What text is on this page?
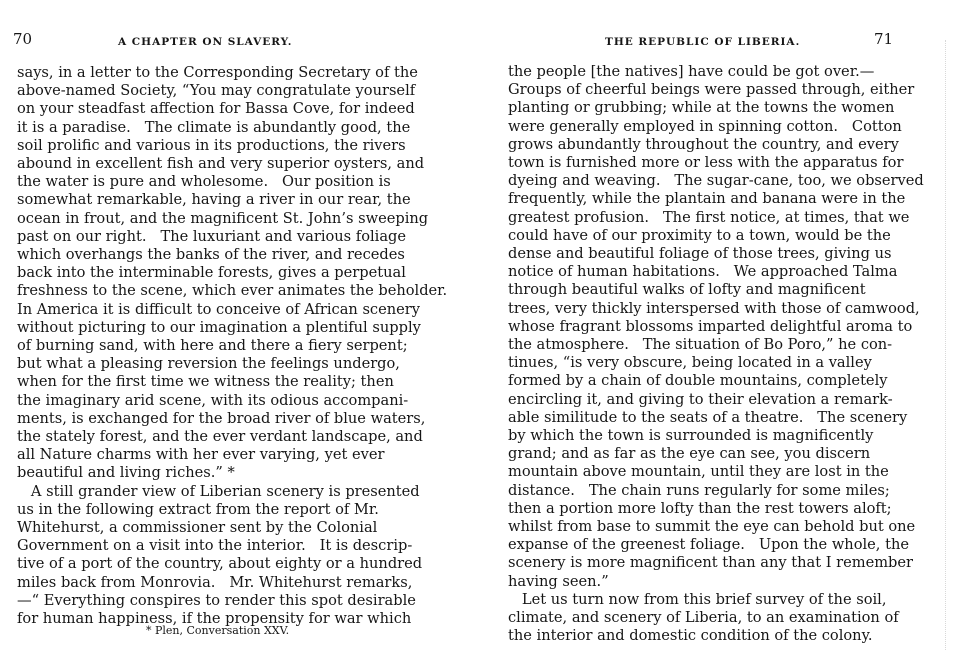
70	A CHAPTER ON SLAVERY.
says, in a letter to the Corresponding Secretary of the
above-named Society, “You may congratulate yourself
on your steadfast affection for Bassa Cove, for indeed
it is a paradise.   The climate is abundantly good, the
soil prolific and various in its productions, the rivers
abound in excellent fish and very superior oysters, and
the water is pure and wholesome.   Our position is
somewhat remarkable, having a river in our rear, the
ocean in frout, and the magnificent St. John’s sweeping
past on our right.   The luxuriant and various foliage
which overhangs the banks of the river, and recedes
back into the interminable forests, gives a perpetual
freshness to the scene, which ever animates the beholder.
In America it is difficult to conceive of African scenery
without picturing to our imagination a plentiful supply
of burning sand, with here and there a fiery serpent;
but what a pleasing reversion the feelings undergo,
when for the first time we witness the reality; then
the imaginary arid scene, with its odious accompani-
ments, is exchanged for the broad river of blue waters,
the stately forest, and the ever verdant landscape, and
all Nature charms with her ever varying, yet ever
beautiful and living riches.” *
A still grander view of Liberian scenery is presented
us in the following extract from the report of Mr.
Whitehurst, a commissioner sent by the Colonial
Government on a visit into the interior.   It is descrip-
tive of a port of the country, about eighty or a hundred
miles back from Monrovia.   Mr. Whitehurst remarks,
—“ Everything conspires to render this spot desirable
for human happiness, if the propensity for war which
* Plen, Conversation XXV.
71
THE REPUBLIC OF LIBERIA.
the people [the natives] have could be got over.—
Groups of cheerful beings were passed through, either
planting or grubbing; while at the towns the women
were generally employed in spinning cotton.   Cotton
grows abundantly throughout the country, and every
town is furnished more or less with the apparatus for
dyeing and weaving.   The sugar-cane, too, we observed
frequently, while the plantain and banana were in the
greatest profusion.   The first notice, at times, that we
could have of our proximity to a town, would be the
dense and beautiful foliage of those trees, giving us
notice of human habitations.   We approached Talma
through beautiful walks of lofty and magnificent
trees, very thickly interspersed with those of camwood,
whose fragrant blossoms imparted delightful aroma to
the atmosphere.   The situation of Bo Poro,” he con-
tinues, “is very obscure, being located in a valley
formed by a chain of double mountains, completely
encircling it, and giving to their elevation a remark-
able similitude to the seats of a theatre.   The scenery
by which the town is surrounded is magnificently
grand; and as far as the eye can see, you discern
mountain above mountain, until they are lost in the
distance.   The chain runs regularly for some miles;
then a portion more lofty than the rest towers aloft;
whilst from base to summit the eye can behold but one
expanse of the greenest foliage.   Upon the whole, the
scenery is more magnificent than any that I remember
having seen.”
Let us turn now from this brief survey of the soil,
climate, and scenery of Liberia, to an examination of
the interior and domestic condition of the colony.
